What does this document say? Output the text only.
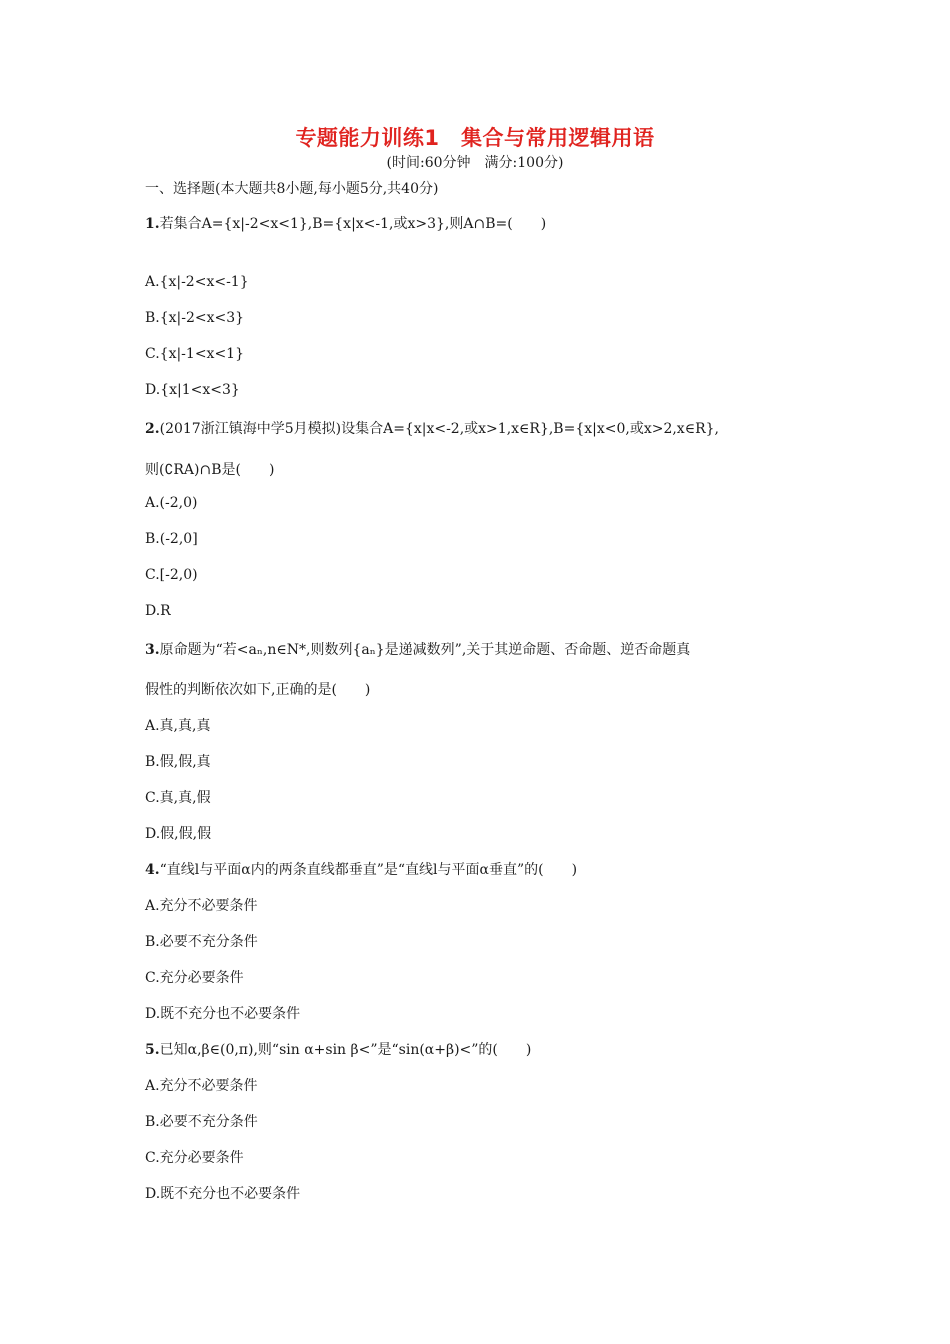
专题能力训练1　集合与常用逻辑用语
(时间:60分钟　满分:100分)
一、选择题(本大题共8小题,每小题5分,共40分)
1.若集合A={x|-2<x<1},B={x|x<-1,或x>3},则A∩B=(　　)
A.{x|-2<x<-1}
B.{x|-2<x<3}
C.{x|-1<x<1}
D.{x|1<x<3}
2.(2017浙江镇海中学5月模拟)设集合A={x|x<-2,或x>1,x∈R},B={x|x<0,或x>2,x∈R},
则(∁RA)∩B是(　　)
A.(-2,0)
B.(-2,0]
C.[-2,0)
D.R
3.原命题为“若<aₙ,n∈N*,则数列{aₙ}是递减数列”,关于其逆命题、否命题、逆否命题真
假性的判断依次如下,正确的是(　　)
A.真,真,真
B.假,假,真
C.真,真,假
D.假,假,假
4.“直线l与平面α内的两条直线都垂直”是“直线l与平面α垂直”的(　　)
A.充分不必要条件
B.必要不充分条件
C.充分必要条件
D.既不充分也不必要条件
5.已知α,β∈(0,π),则“sin α+sin β<”是“sin(α+β)<”的(　　)
A.充分不必要条件
B.必要不充分条件
C.充分必要条件
D.既不充分也不必要条件
